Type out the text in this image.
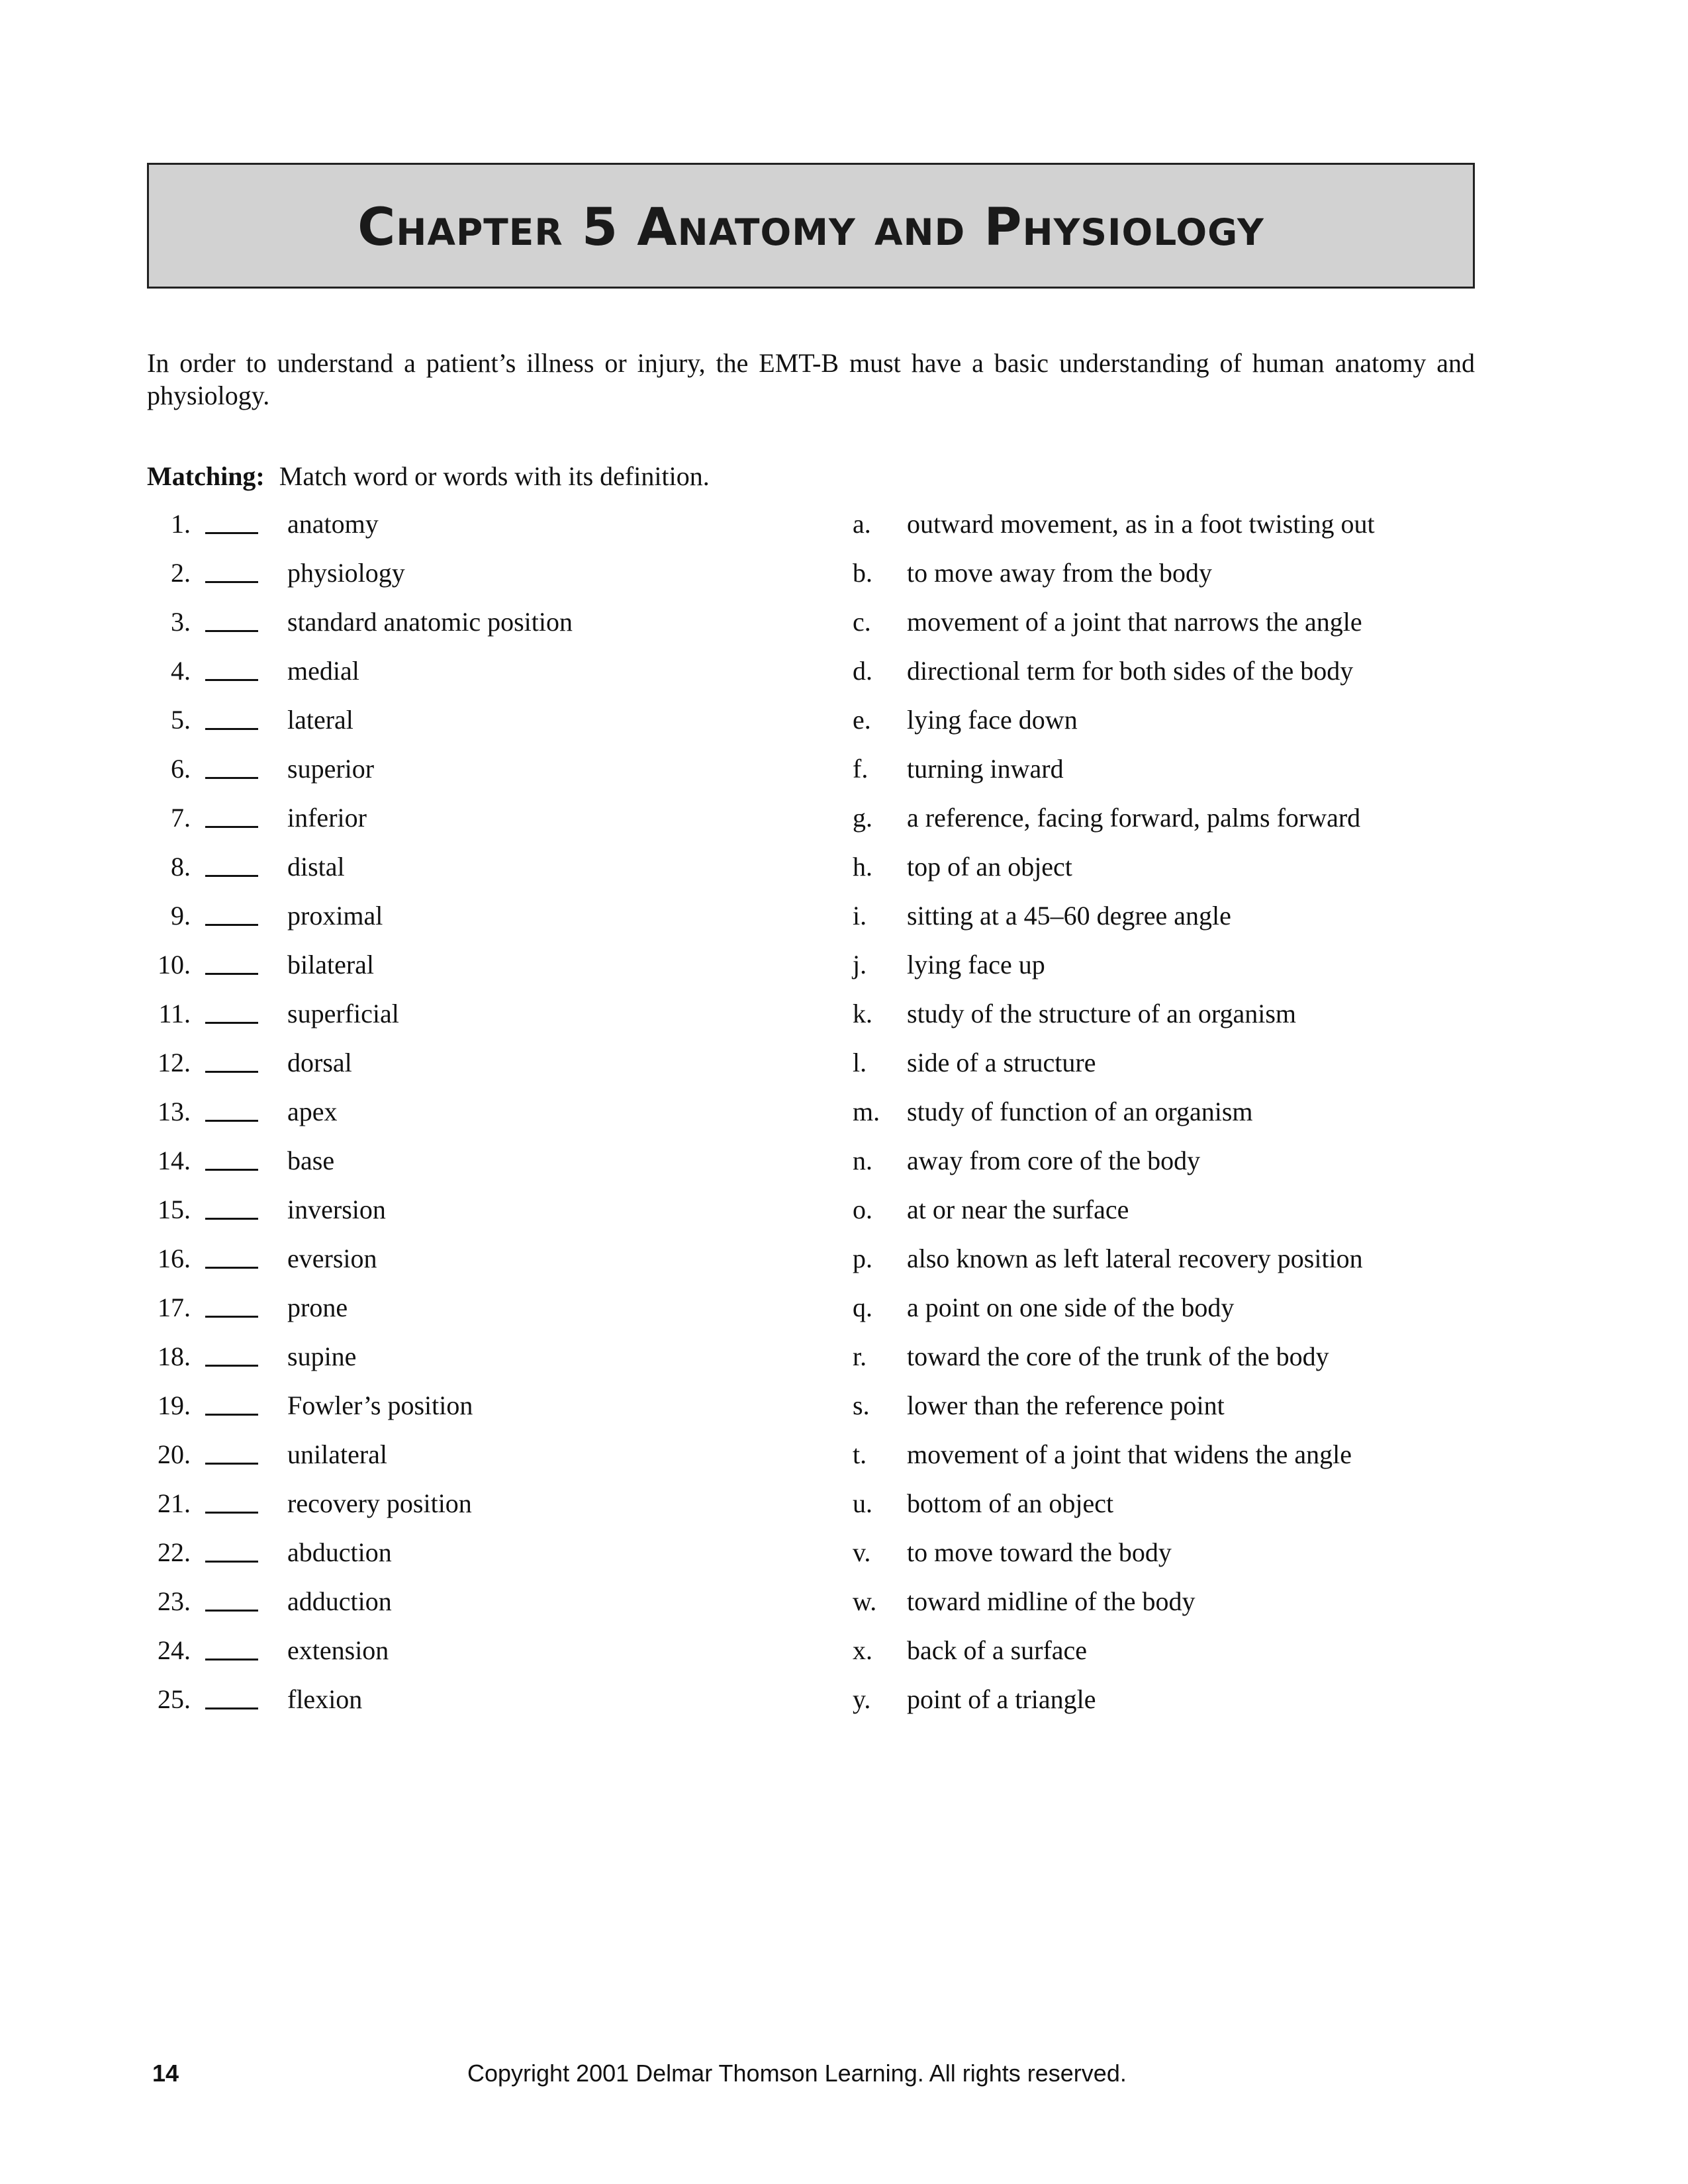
Chapter 5 Anatomy and Physiology

In order to understand a patient’s illness or injury, the EMT-B must have a basic understanding of human anatomy and physiology.

Matching: Match word or words with its definition.

1.	anatomy
2.	physiology
3.	standard anatomic position
4.	medial
5.	lateral
6.	superior
7.	inferior
8.	distal
9.	proximal
10.	bilateral
11.	superficial
12.	dorsal
13.	apex
14.	base
15.	inversion
16.	eversion
17.	prone
18.	supine
19.	Fowler’s position
20.	unilateral
21.	recovery position
22.	abduction
23.	adduction
24.	extension
25.	flexion
a.	outward movement, as in a foot twisting out
b.	to move away from the body
c.	movement of a joint that narrows the angle
d.	directional term for both sides of the body
e.	lying face down
f.	turning inward
g.	a reference, facing forward, palms forward
h.	top of an object
i.	sitting at a 45–60 degree angle
j.	lying face up
k.	study of the structure of an organism
l.	side of a structure
m.	study of function of an organism
n.	away from core of the body
o.	at or near the surface
p.	also known as left lateral recovery position
q.	a point on one side of the body
r.	toward the core of the trunk of the body
s.	lower than the reference point
t.	movement of a joint that widens the angle
u.	bottom of an object
v.	to move toward the body
w.	toward midline of the body
x.	back of a surface
y.	point of a triangle
14	Copyright 2001 Delmar Thomson Learning. All rights reserved.
